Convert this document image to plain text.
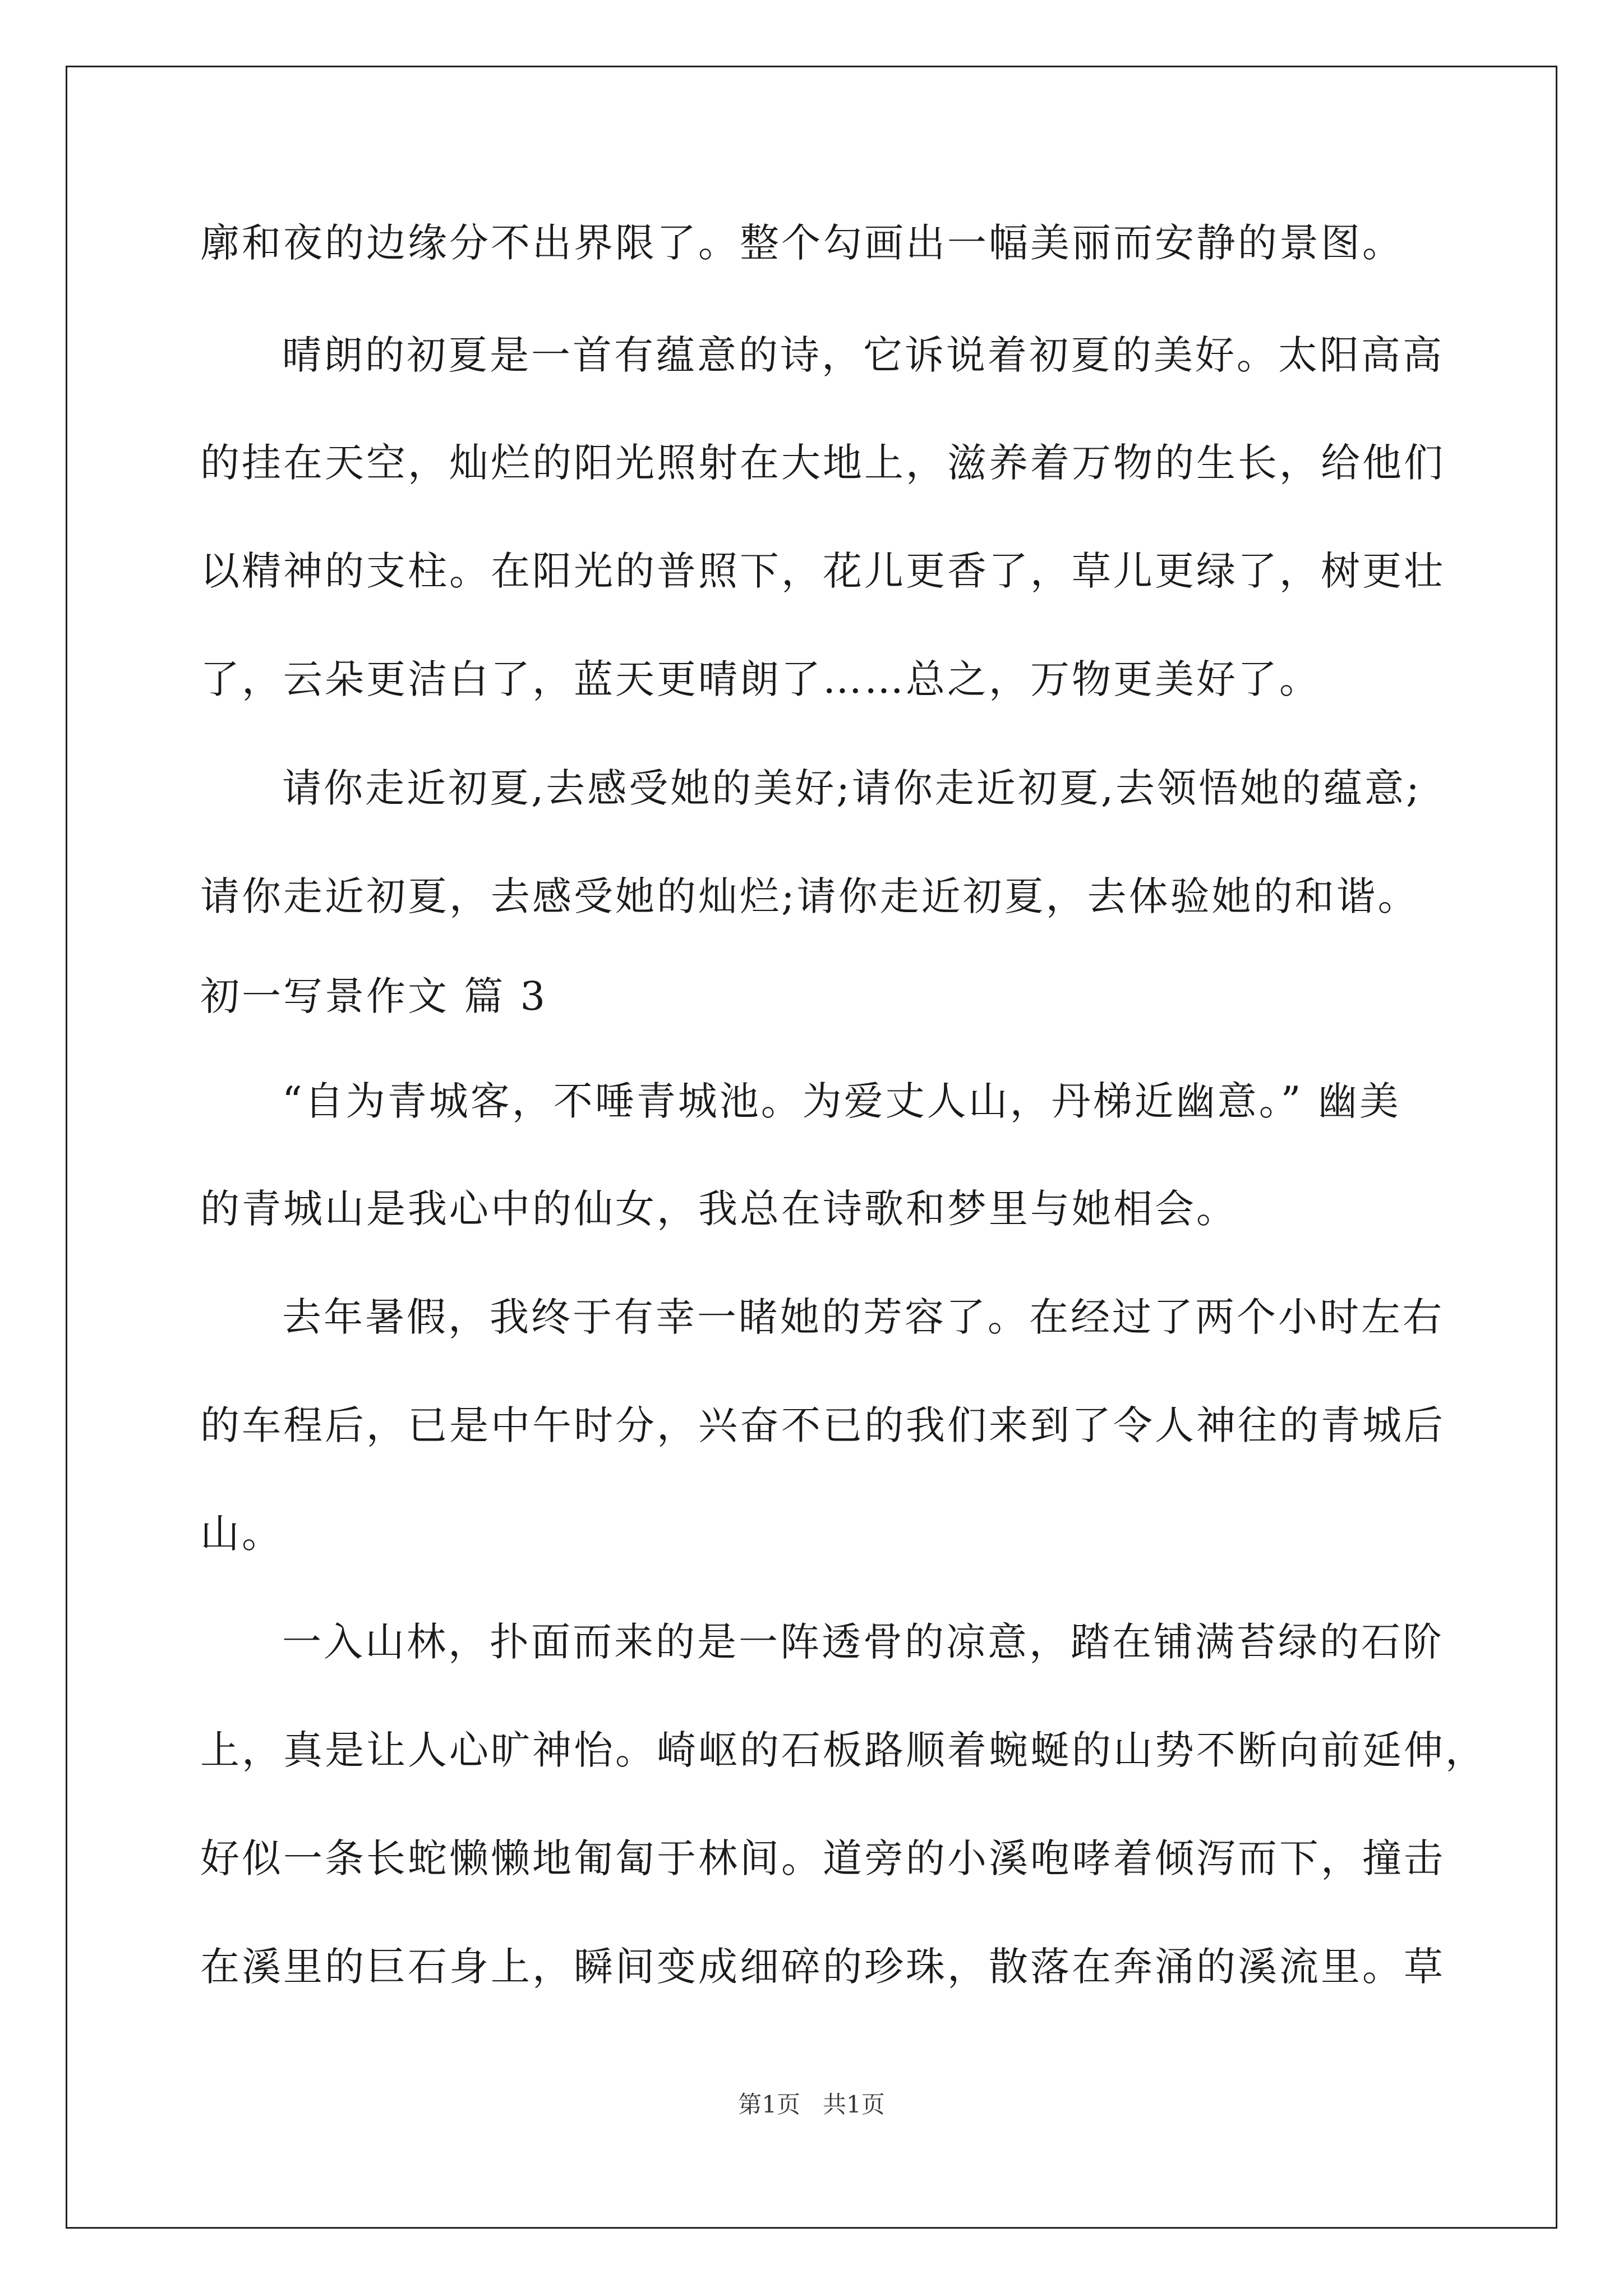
廓和夜的边缘分不出界限了。整个勾画出一幅美丽而安静的景图。
晴朗的初夏是一首有蕴意的诗，它诉说着初夏的美好。太阳高高
的挂在天空，灿烂的阳光照射在大地上，滋养着万物的生长，给他们
以精神的支柱。在阳光的普照下，花儿更香了，草儿更绿了，树更壮
了，云朵更洁白了，蓝天更晴朗了……总之，万物更美好了。
请你走近初夏,去感受她的美好;请你走近初夏,去领悟她的蕴意;
请你走近初夏，去感受她的灿烂;请你走近初夏，去体验她的和谐。
初一写景作文 篇 3
“自为青城客，不唾青城池。为爱丈人山，丹梯近幽意。” 幽美
的青城山是我心中的仙女，我总在诗歌和梦里与她相会。
去年暑假，我终于有幸一睹她的芳容了。在经过了两个小时左右
的车程后，已是中午时分，兴奋不已的我们来到了令人神往的青城后
山。
一入山林，扑面而来的是一阵透骨的凉意，踏在铺满苔绿的石阶
上，真是让人心旷神怡。崎岖的石板路顺着蜿蜒的山势不断向前延伸，
好似一条长蛇懒懒地匍匐于林间。道旁的小溪咆哮着倾泻而下，撞击
在溪里的巨石身上，瞬间变成细碎的珍珠，散落在奔涌的溪流里。草
第1页   共1页
